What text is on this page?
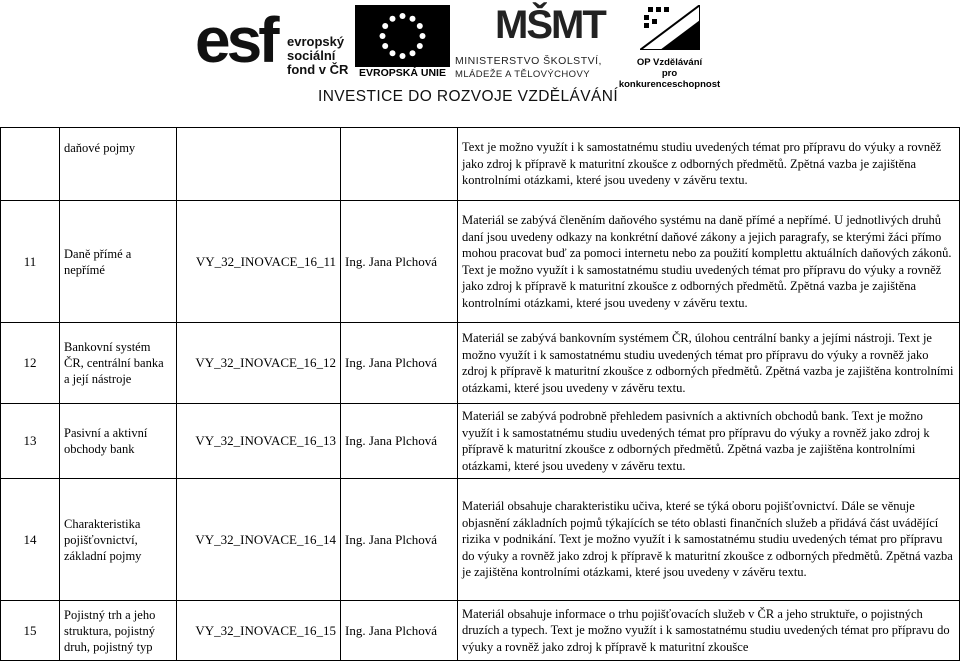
esf evropský
sociální
fond v ČR	EVROPSKÁ UNIE
MŠMT
MINISTERSTVO ŠKOLSTVÍ,
MLÁDEŽE A TĚLOVÝCHOVY
OP Vzdělávání
pro konkurenceschopnost
INVESTICE DO ROZVOJE VZDĚLÁVÁNÍ
	daňové pojmy			Text je možno využít i k samostatnému studiu uvedených témat pro přípravu do výuky a rovněž jako zdroj k přípravě k maturitní zkoušce z odborných předmětů. Zpětná vazba je zajištěna kontrolními otázkami, které jsou uvedeny v závěru textu.
11	Daně přímé a nepřímé	VY_32_INOVACE_16_11	Ing. Jana Plchová	Materiál se zabývá členěním daňového systému na daně přímé a nepřímé. U jednotlivých druhů daní jsou uvedeny odkazy na konkrétní daňové zákony a jejich paragrafy, se kterými žáci přímo mohou pracovat buď za pomoci internetu nebo za použití komplettu aktuálních daňových zákonů. Text je možno využít i k samostatnému studiu uvedených témat pro přípravu do výuky a rovněž jako zdroj k přípravě k maturitní zkoušce z odborných předmětů. Zpětná vazba je zajištěna kontrolními otázkami, které jsou uvedeny v závěru textu.
12	Bankovní systém ČR, centrální banka a její nástroje	VY_32_INOVACE_16_12	Ing. Jana Plchová	Materiál se zabývá bankovním systémem ČR, úlohou centrální banky a jejími nástroji. Text je možno využít i k samostatnému studiu uvedených témat pro přípravu do výuky a rovněž jako zdroj k přípravě k maturitní zkoušce z odborných předmětů. Zpětná vazba je zajištěna kontrolními otázkami, které jsou uvedeny v závěru textu.
13	Pasivní a aktivní obchody bank	VY_32_INOVACE_16_13	Ing. Jana Plchová	Materiál se zabývá podrobně přehledem pasivních a aktivních obchodů bank. Text je možno využít i k samostatnému studiu uvedených témat pro přípravu do výuky a rovněž jako zdroj k přípravě k maturitní zkoušce z odborných předmětů. Zpětná vazba je zajištěna kontrolními otázkami, které jsou uvedeny v závěru textu.
14	Charakteristika pojišťovnictví, základní pojmy	VY_32_INOVACE_16_14	Ing. Jana Plchová	Materiál obsahuje charakteristiku učiva, které se týká oboru pojišťovnictví. Dále se věnuje objasnění základních pojmů týkajících se této oblasti finančních služeb a přidává část uvádějící rizika v podnikání. Text je možno využít i k samostatnému studiu uvedených témat pro přípravu do výuky a rovněž jako zdroj k přípravě k maturitní zkoušce z odborných předmětů. Zpětná vazba je zajištěna kontrolními otázkami, které jsou uvedeny v závěru textu.
15	Pojistný trh a jeho struktura, pojistný druh, pojistný typ	VY_32_INOVACE_16_15	Ing. Jana Plchová	Materiál obsahuje informace o trhu pojišťovacích služeb v ČR a jeho struktuře, o pojistných druzích a typech. Text je možno využít i k samostatnému studiu uvedených témat pro přípravu do výuky a rovněž jako zdroj k přípravě k maturitní zkoušce
